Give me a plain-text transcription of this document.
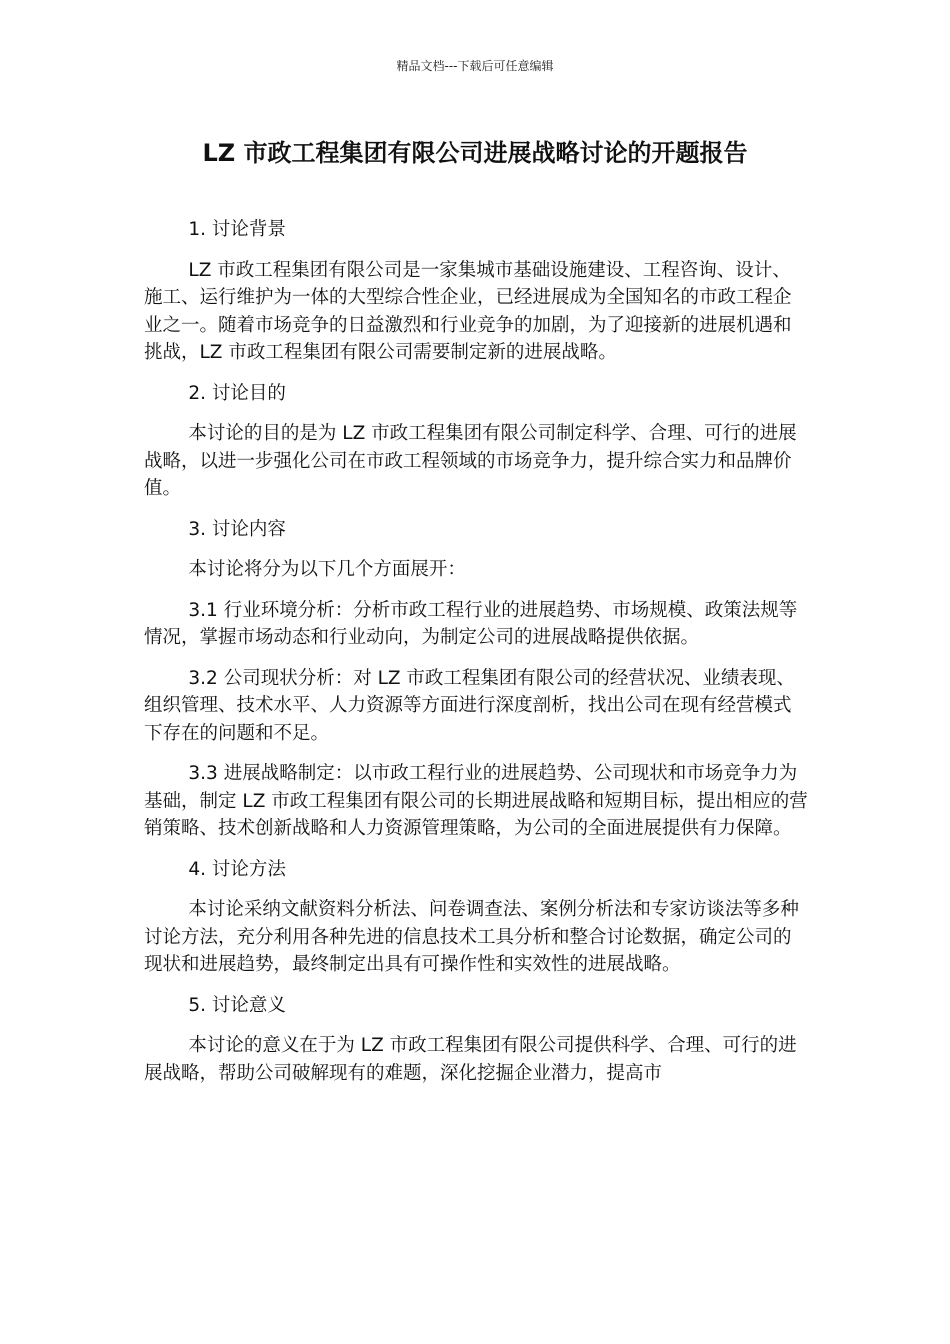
精品文档---下载后可任意编辑
LZ 市政工程集团有限公司进展战略讨论的开题报告

1. 讨论背景

LZ 市政工程集团有限公司是一家集城市基础设施建设、工程咨询、设计、施工、运行维护为一体的大型综合性企业，已经进展成为全国知名的市政工程企业之一。随着市场竞争的日益激烈和行业竞争的加剧，为了迎接新的进展机遇和挑战，LZ 市政工程集团有限公司需要制定新的进展战略。

2. 讨论目的

本讨论的目的是为 LZ 市政工程集团有限公司制定科学、合理、可行的进展战略，以进一步强化公司在市政工程领域的市场竞争力，提升综合实力和品牌价值。

3. 讨论内容

本讨论将分为以下几个方面展开：

3.1 行业环境分析：分析市政工程行业的进展趋势、市场规模、政策法规等情况，掌握市场动态和行业动向，为制定公司的进展战略提供依据。

3.2 公司现状分析：对 LZ 市政工程集团有限公司的经营状况、业绩表现、组织管理、技术水平、人力资源等方面进行深度剖析，找出公司在现有经营模式下存在的问题和不足。

3.3 进展战略制定：以市政工程行业的进展趋势、公司现状和市场竞争力为基础，制定 LZ 市政工程集团有限公司的长期进展战略和短期目标，提出相应的营销策略、技术创新战略和人力资源管理策略，为公司的全面进展提供有力保障。

4. 讨论方法

本讨论采纳文献资料分析法、问卷调查法、案例分析法和专家访谈法等多种讨论方法，充分利用各种先进的信息技术工具分析和整合讨论数据，确定公司的现状和进展趋势，最终制定出具有可操作性和实效性的进展战略。

5. 讨论意义

本讨论的意义在于为 LZ 市政工程集团有限公司提供科学、合理、可行的进展战略，帮助公司破解现有的难题，深化挖掘企业潜力，提高市
